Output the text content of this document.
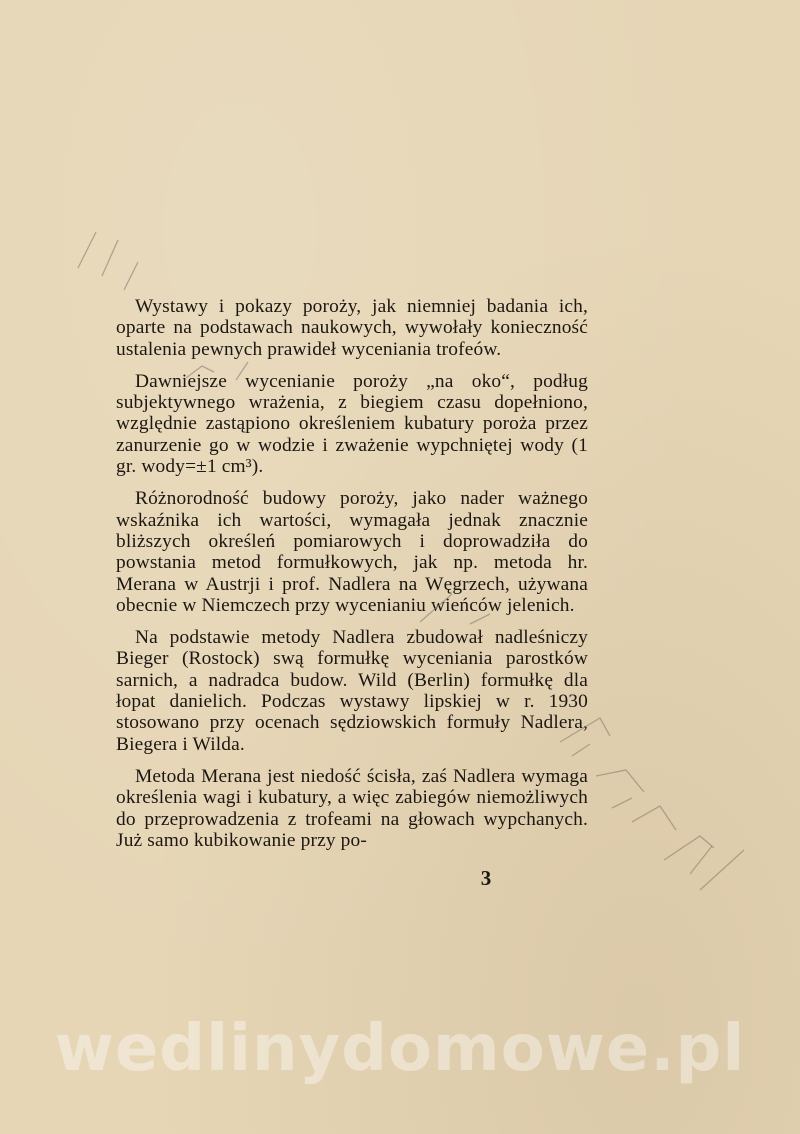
Wystawy i pokazy poroży, jak niemniej badania ich, oparte na podstawach naukowych, wywołały konieczność ustalenia pewnych prawideł wyceniania trofeów.

Dawniejsze wycenianie poroży „na oko“, podług subjektywnego wrażenia, z biegiem czasu dopełniono, względnie zastąpiono określeniem kubatury poroża przez zanurzenie go w wodzie i zważenie wypchniętej wody (1 gr. wody=±1 cm³).

Różnorodność budowy poroży, jako nader ważnego wskaźnika ich wartości, wymagała jednak znacznie bliższych określeń pomiarowych i doprowadziła do powstania metod formułkowych, jak np. metoda hr. Merana w Austrji i prof. Nadlera na Węgrzech, używana obecnie w Niemczech przy wycenianiu wieńców jelenich.

Na podstawie metody Nadlera zbudował nadleśniczy Bieger (Rostock) swą formułkę wyceniania parostków sarnich, a nadradca budow. Wild (Berlin) formułkę dla łopat danielich. Podczas wystawy lipskiej w r. 1930 stosowano przy ocenach sędziowskich formuły Nadlera, Biegera i Wilda.

Metoda Merana jest niedość ścisła, zaś Nadlera wymaga określenia wagi i kubatury, a więc zabiegów niemożliwych do przeprowadzenia z trofeami na głowach wypchanych. Już samo kubikowanie przy po-

3
wedlinydomowe.pl
